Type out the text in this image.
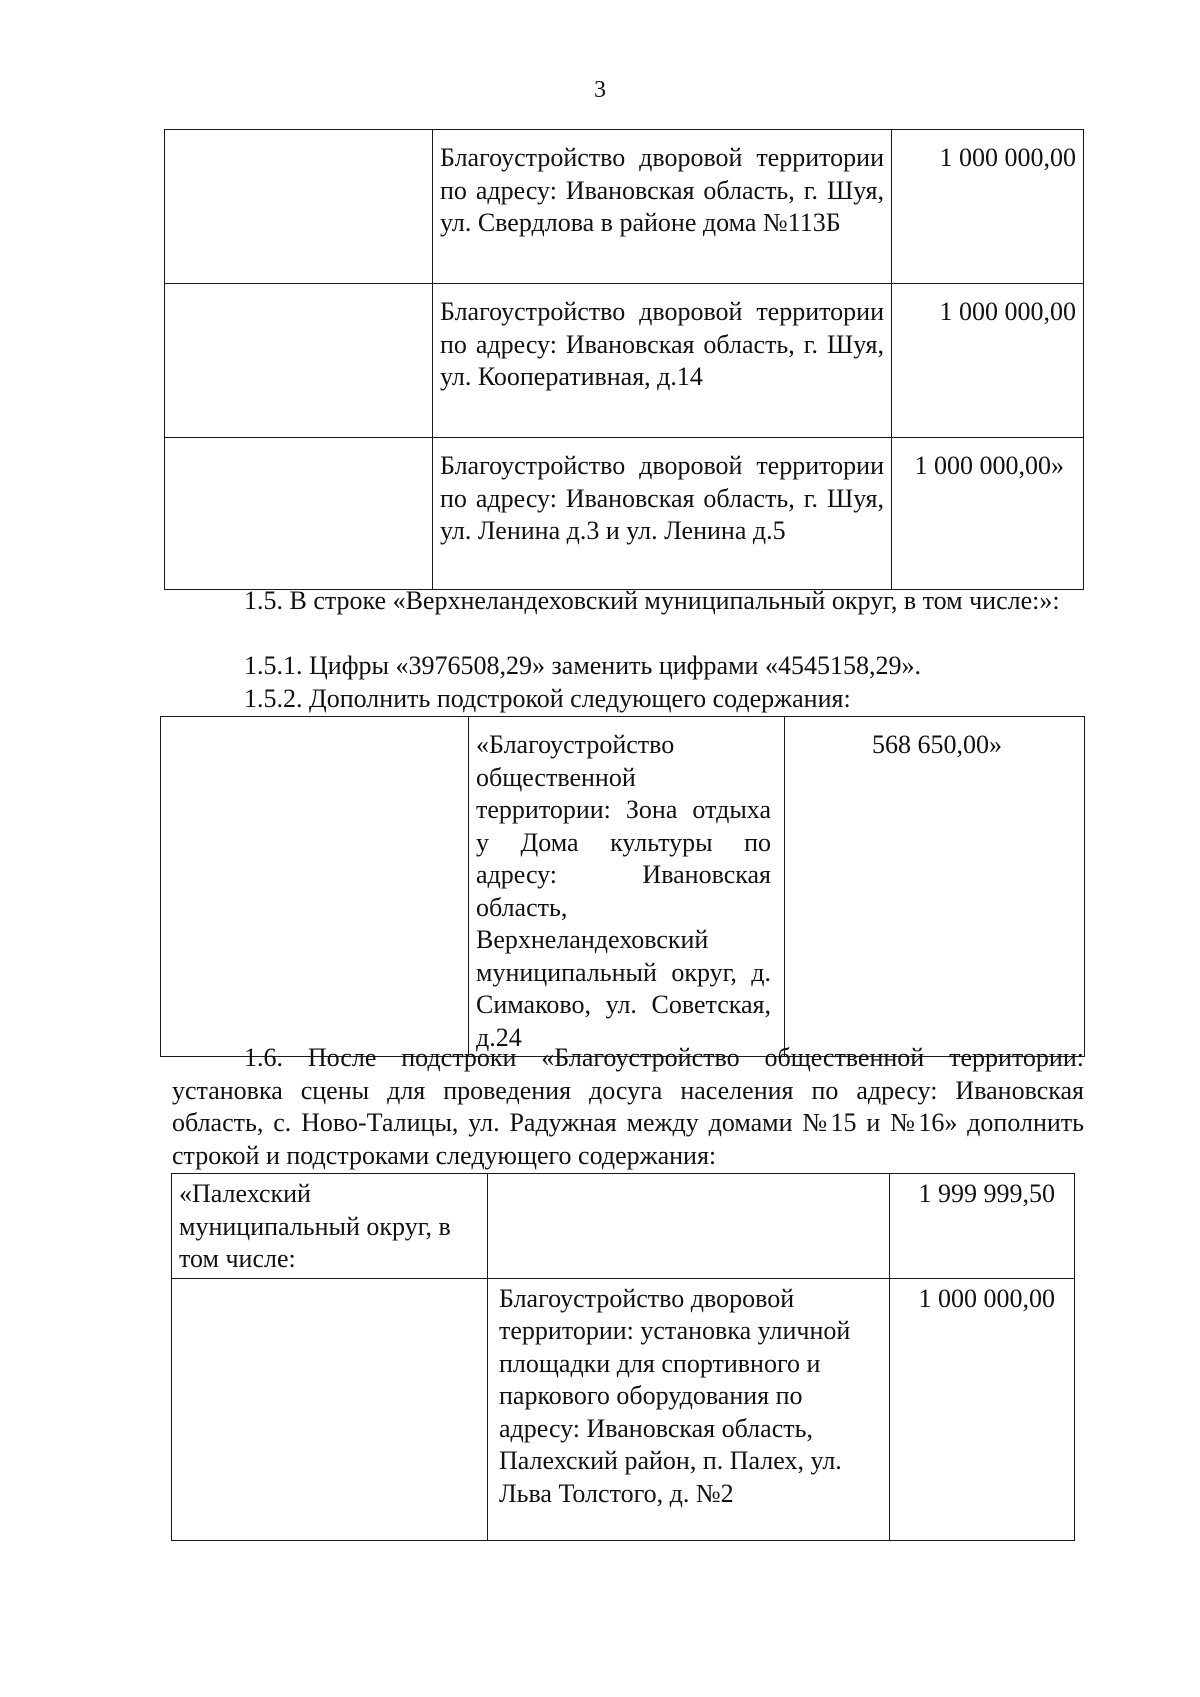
3
	Благоустройство дворовой территории по адресу: Ивановская область, г. Шуя, ул. Свердлова в районе дома №113Б	1 000 000,00
	Благоустройство дворовой территории по адресу: Ивановская область, г. Шуя, ул. Кооперативная, д.14	1 000 000,00
	Благоустройство дворовой территории по адресу: Ивановская область, г. Шуя, ул. Ленина д.3 и ул. Ленина д.5	1 000 000,00»
1.5. В строке «Верхнеландеховский муниципальный округ, в том числе:»:
1.5.1. Цифры «3976508,29» заменить цифрами «4545158,29».
1.5.2. Дополнить подстрокой следующего содержания:
	«Благоустройство общественной территории: Зона отдыха у Дома культуры по адресу: Ивановская область, Верхнеландеховский муниципальный округ, д. Симаково, ул. Советская, д.24	568 650,00»
1.6. После подстроки «Благоустройство общественной территории: установка сцены для проведения досуга населения по адресу: Ивановская область, с. Ново-Талицы, ул. Радужная между домами №15 и №16» дополнить строкой и подстроками следующего содержания:
«Палехский муниципальный округ, в том числе:		1 999 999,50
	Благоустройство дворовой территории: установка уличной площадки для спортивного и паркового оборудования по адресу: Ивановская область, Палехский район, п. Палех, ул. Льва Толстого, д. №2	1 000 000,00
